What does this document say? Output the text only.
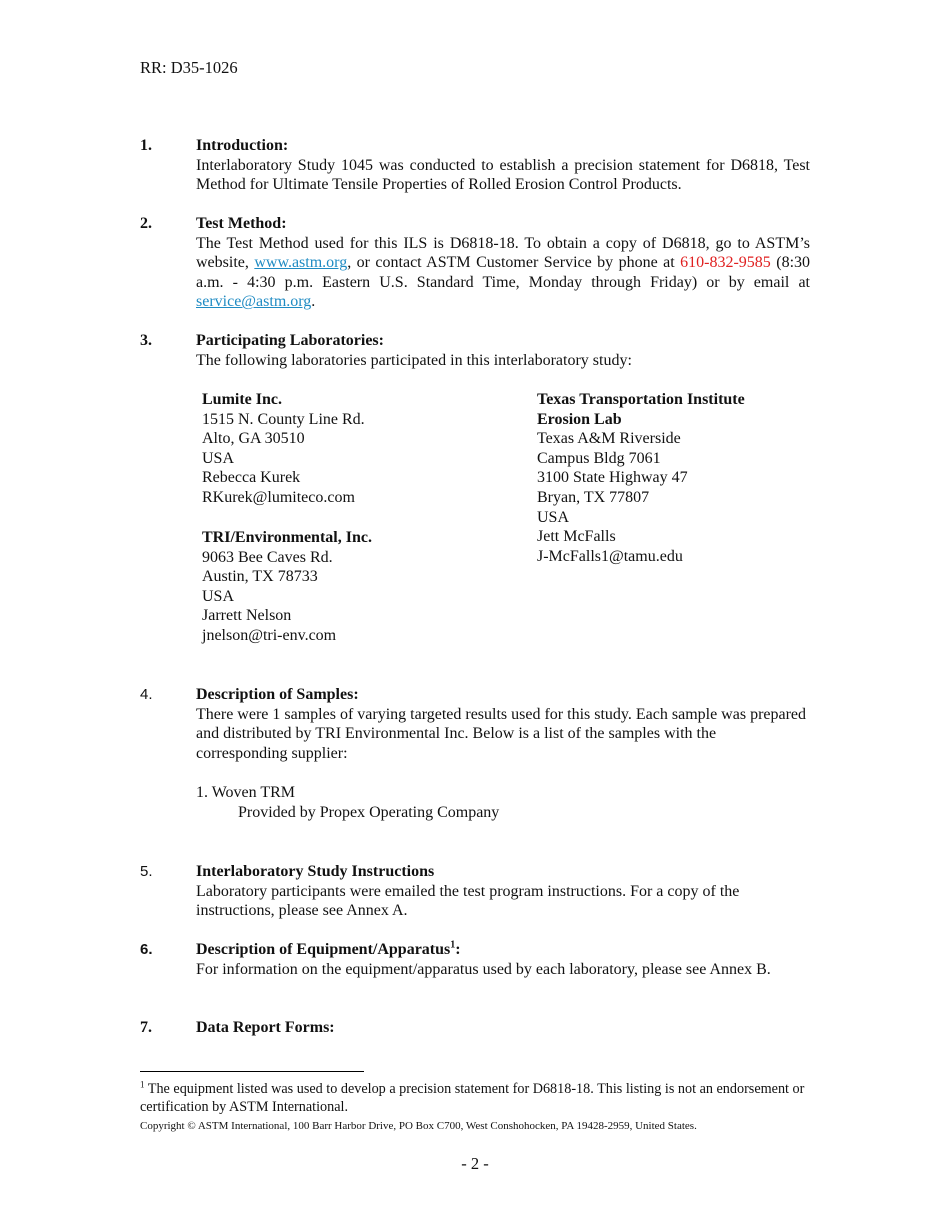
RR: D35-1026
1.	Introduction:
Interlaboratory Study 1045 was conducted to establish a precision statement for D6818, Test Method for Ultimate Tensile Properties of Rolled Erosion Control Products.
2.	Test Method:
The Test Method used for this ILS is D6818-18. To obtain a copy of D6818, go to ASTM’s website, www.astm.org, or contact ASTM Customer Service by phone at 610-832-9585 (8:30 a.m. - 4:30 p.m. Eastern U.S. Standard Time, Monday through Friday) or by email at service@astm.org.
3.	Participating Laboratories:
The following laboratories participated in this interlaboratory study:
Lumite Inc.
1515 N. County Line Rd.
Alto, GA 30510
USA
Rebecca Kurek
RKurek@lumiteco.com
TRI/Environmental, Inc.
9063 Bee Caves Rd.
Austin, TX 78733
USA
Jarrett Nelson
jnelson@tri-env.com
Texas Transportation Institute
Erosion Lab
Texas A&M Riverside
Campus Bldg 7061
3100 State Highway 47
Bryan, TX 77807
USA
Jett McFalls
J-McFalls1@tamu.edu
4.	Description of Samples:
There were 1 samples of varying targeted results used for this study. Each sample was prepared and distributed by TRI Environmental Inc. Below is a list of the samples with the corresponding supplier:
1. Woven TRM
Provided by Propex Operating Company
5.	Interlaboratory Study Instructions
Laboratory participants were emailed the test program instructions. For a copy of the instructions, please see Annex A.
6.	Description of Equipment/Apparatus$^1$:
For information on the equipment/apparatus used by each laboratory, please see Annex B.
7.	Data Report Forms:
$^1$ The equipment listed was used to develop a precision statement for D6818-18. This listing is not an endorsement or certification by ASTM International.
Copyright © ASTM International, 100 Barr Harbor Drive, PO Box C700, West Conshohocken, PA 19428-2959, United States.
- 2 -
